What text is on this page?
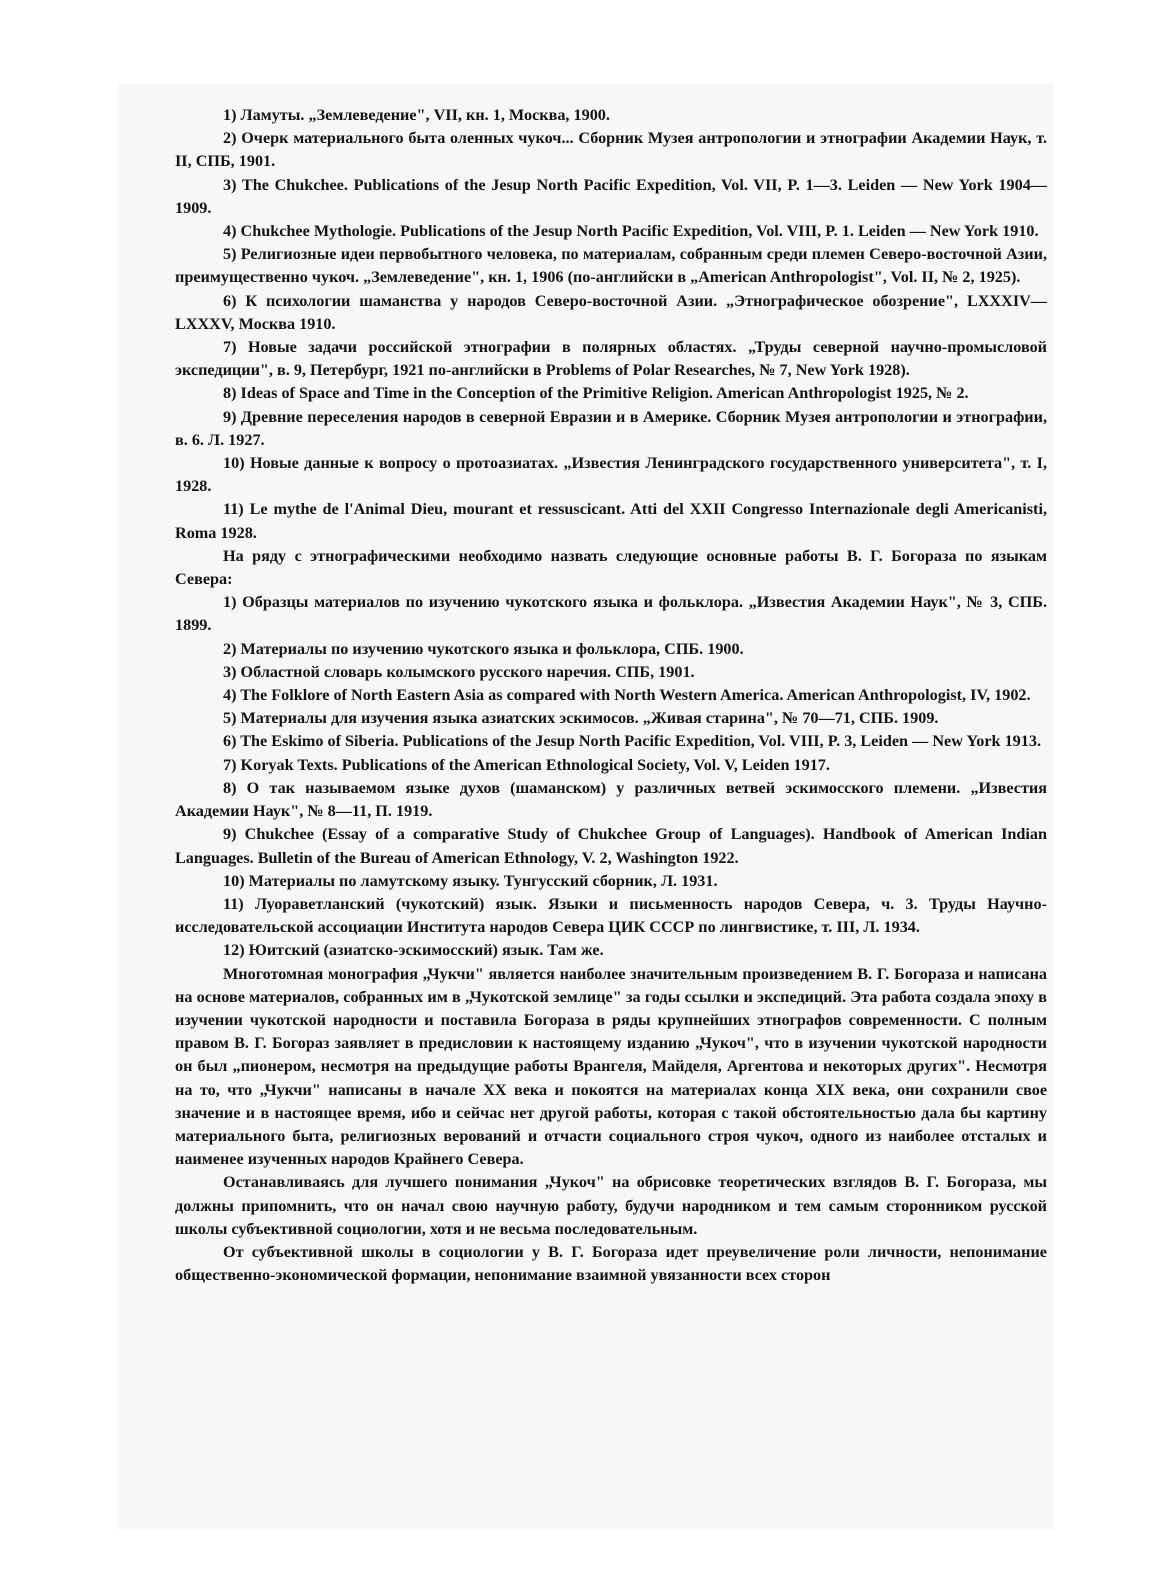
1) Ламуты. „Землеведение", VII, кн. 1, Москва, 1900.

2) Очерк материального быта оленных чукоч... Сборник Музея антропологии и этнографии Академии Наук, т. II, СПБ, 1901.

3) The Chukchee. Publications of the Jesup North Pacific Expedition, Vol. VII, P. 1—3. Leiden — New York 1904—1909.

4) Chukchee Mythologie. Publications of the Jesup North Pacific Expedition, Vol. VIII, P. 1. Leiden — New York 1910.

5) Религиозные идеи первобытного человека, по материалам, собранным среди племен Северо-восточной Азии, преимущественно чукоч. „Землеведение", кн. 1, 1906 (по-английски в „American Anthropologist", Vol. II, № 2, 1925).

6) К психологии шаманства у народов Северо-восточной Азии. „Этнографическое обозрение", LXXXIV—LXXXV, Москва 1910.

7) Новые задачи российской этнографии в полярных областях. „Труды северной научно-промысловой экспедиции", в. 9, Петербург, 1921 по-английски в Problems of Polar Researches, № 7, New York 1928).

8) Ideas of Space and Time in the Conception of the Primitive Religion. American Anthropologist 1925, № 2.

9) Древние переселения народов в северной Евразии и в Америке. Сборник Музея антропологии и этнографии, в. 6. Л. 1927.

10) Новые данные к вопросу о протоазиатах. „Известия Ленинградского государственного университета", т. I, 1928.

11) Le mythe de l'Animal Dieu, mourant et ressuscicant. Atti del XXII Congresso Internazionale degli Americanisti, Roma 1928.

На ряду с этнографическими необходимо назвать следующие основные работы В. Г. Богораза по языкам Севера:

1) Образцы материалов по изучению чукотского языка и фольклора. „Известия Академии Наук", № 3, СПБ. 1899.

2) Материалы по изучению чукотского языка и фольклора, СПБ. 1900.

3) Областной словарь колымского русского наречия. СПБ, 1901.

4) The Folklore of North Eastern Asia as compared with North Western America. American Anthropologist, IV, 1902.

5) Материалы для изучения языка азиатских эскимосов. „Живая старина", № 70—71, СПБ. 1909.

6) The Eskimo of Siberia. Publications of the Jesup North Pacific Expedition, Vol. VIII, P. 3, Leiden — New York 1913.

7) Koryak Texts. Publications of the American Ethnological Society, Vol. V, Leiden 1917.

8) О так называемом языке духов (шаманском) у различных ветвей эскимосского племени. „Известия Академии Наук", № 8—11, П. 1919.

9) Chukchee (Essay of a comparative Study of Chukchee Group of Languages). Handbook of American Indian Languages. Bulletin of the Bureau of American Ethnology, V. 2, Washington 1922.

10) Материалы по ламутскому языку. Тунгусский сборник, Л. 1931.

11) Луораветланский (чукотский) язык. Языки и письменность народов Севера, ч. 3. Труды Научно-исследовательской ассоциации Института народов Севера ЦИК СССР по лингвистике, т. III, Л. 1934.

12) Юитский (азиатско-эскимосский) язык. Там же.

Многотомная монография „Чукчи" является наиболее значительным произведением В. Г. Богораза и написана на основе материалов, собранных им в „Чукотской землице" за годы ссылки и экспедиций. Эта работа создала эпоху в изучении чукотской народности и поставила Богораза в ряды крупнейших этнографов современности. С полным правом В. Г. Богораз заявляет в предисловии к настоящему изданию „Чукоч", что в изучении чукотской народности он был „пионером, несмотря на предыдущие работы Врангеля, Майделя, Аргентова и некоторых других". Несмотря на то, что „Чукчи" написаны в начале XX века и покоятся на материалах конца XIX века, они сохранили свое значение и в настоящее время, ибо и сейчас нет другой работы, которая с такой обстоятельностью дала бы картину материального быта, религиозных верований и отчасти социального строя чукоч, одного из наиболее отсталых и наименее изученных народов Крайнего Севера.

Останавливаясь для лучшего понимания „Чукоч" на обрисовке теоретических взглядов В. Г. Богораза, мы должны припомнить, что он начал свою научную работу, будучи народником и тем самым сторонником русской школы субъективной социологии, хотя и не весьма последовательным.

От субъективной школы в социологии у В. Г. Богораза идет преувеличение роли личности, непонимание общественно-экономической формации, непонимание взаимной увязанности всех сторон
